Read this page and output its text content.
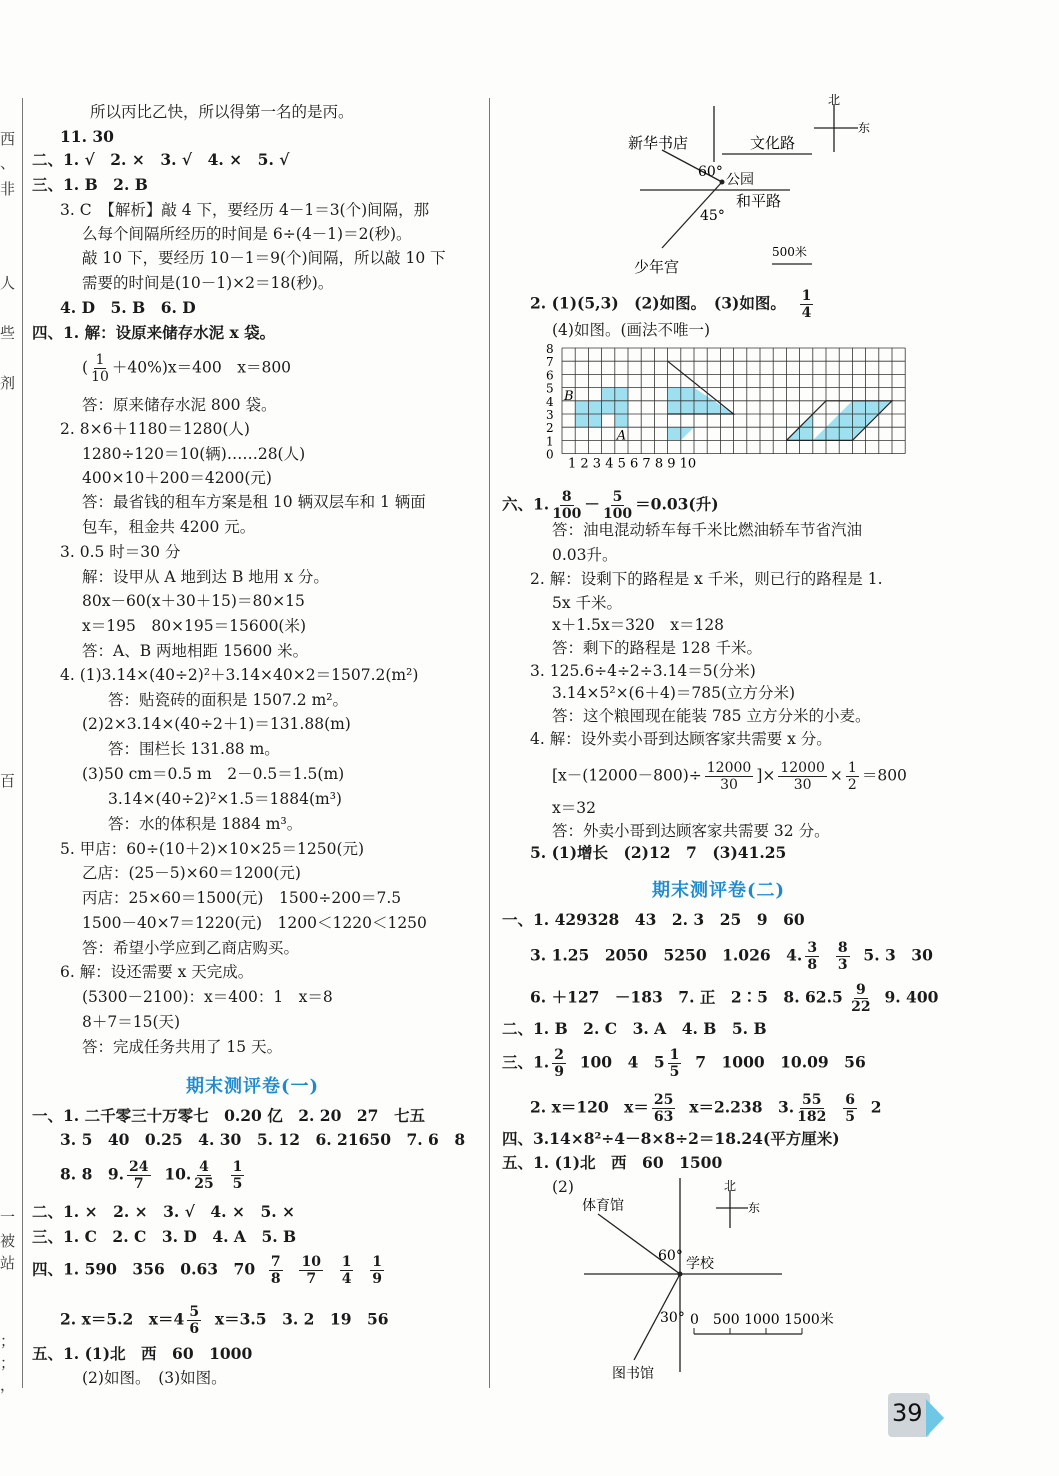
西
、
非
人
些
剂
百
一
被
站
；
；
，
所以丙比乙快，所以得第一名的是丙。
11. 30
二、1. √　2. ×　3. √　4. ×　5. √
三、1. B　2. B
3. C　【解析】敲 4 下，要经历 4－1＝3(个)间隔，那
么每个间隔所经历的时间是 6÷(4－1)＝2(秒)。
敲 10 下，要经历 10－1＝9(个)间隔，所以敲 10 下
需要的时间是(10－1)×2＝18(秒)。
4. D　5. B　6. D
四、1. 解：设原来储存水泥 x 袋。
( $\frac{1}{10} +40\%)x=400$　x＝800
答：原来储存水泥 800 袋。
2. 8×6＋1180＝1280(人)
1280÷120＝10(辆)……28(人)
400×10＋200＝4200(元)
答：最省钱的租车方案是租 10 辆双层车和 1 辆面
包车，租金共 4200 元。
3. 0.5 时＝30 分
解：设甲从 A 地到达 B 地用 x 分。
80x－60(x＋30＋15)＝80×15
x＝195　80×195＝15600(米)
答：A、B 两地相距 15600 米。
4. (1)3.14×(40÷2)²＋3.14×40×2＝1507.2(m²)
答：贴瓷砖的面积是 1507.2 m²。
(2)2×3.14×(40÷2＋1)＝131.88(m)
答：围栏长 131.88 m。
(3)50 cm＝0.5 m　2－0.5＝1.5(m)
3.14×(40÷2)²×1.5＝1884(m³)
答：水的体积是 1884 m³。
5. 甲店：60÷(10＋2)×10×25＝1250(元)
乙店：(25－5)×60＝1200(元)
丙店：25×60＝1500(元)　1500÷200＝7.5
1500－40×7＝1220(元)　1200＜1220＜1250
答：希望小学应到乙商店购买。
6. 解：设还需要 x 天完成。
(5300－2100)：x＝400：1　x＝8
8＋7＝15(天)
答：完成任务共用了 15 天。
期末测评卷(一)
一、1. 二千零三十万零七　0.20 亿　2. 20　27　七五
3. 5　40　0.25　4. 30　5. 12　6. 21650　7. 6　8
8. 8　9. $\frac{24}{7} 10$. $\frac{4}{25}$
$\frac{1}{5}$
二、1. ×　2. ×　3. √　4. ×　5. ×
三、1. C　2. C　3. D　4. A　5. B
四、1. 590　356　0.63　$70 \frac{7}{8}$
$\frac{10}{7}$
$\frac{1}{4}$
$\frac{1}{9}$
2. x＝5.2　$x=4 \frac{5}{6} x=3.5$　3. 2　19　56
五、1. (1)北　西　60　1000
(2)如图。　(3)如图。
北
东
新华书店	文化路
60° 公园
和平路
45°
500米
少年宫
2. (1)(5,3)　(2)如图。　(3)如图。 $\frac{1}{4}$
(4)如图。(画法不唯一)
8
7
6
5
4
3
2
1
0
1 2 3 4 5 6 7 8 9 10
B
A
六、1. $\frac{8}{100} - \frac{5}{100} =0.03$(升)
答：油电混动轿车每千米比燃油轿车节省汽油
0.03升。
2. 解：设剩下的路程是 x 千米，则已行的路程是 1.
5x 千米。
x＋1.5x＝320　x＝128
答：剩下的路程是 128 千米。
3. 125.6÷4÷2÷3.14＝5(分米)
3.14×5²×(6＋4)＝785(立方分米)
答：这个粮囤现在能装 785 立方分米的小麦。
4. 解：设外卖小哥到达顾客家共需要 x 分。
[$x-(12000-800)\div \frac{12000}{30}$ ]× $\frac{12000}{30} \times \frac{1}{2} =800$
x＝32
答：外卖小哥到达顾客家共需要 32 分。
5. (1)增长　(2)12　7　(3)41.25
期末测评卷(二)
一、1. 429328　43　2. 3　25　9　60
3. 1.25　2050　5250　1.026　4. $\frac{3}{8}$
$\frac{8}{3} 5$. 3　30
6. ＋127　－183　7. 正　2∶5　8. $62.5 \frac{9}{22} 9$. 400
二、1. B　2. C　3. A　4. B　5. B
三、1. $\frac{2}{9} 100$　4　$5 \frac{1}{5} 7$　1000　10.09　56
2. x＝120　$x= \frac{25}{63} x=2.238$　3. $\frac{55}{182}$
$\frac{6}{5} 2$
四、3.14×8²÷4－8×8÷2＝18.24(平方厘米)
五、1. (1)北　西　60　1500
(2)	北
东
体育馆
60° 学校
30° 0　500 1000 1500米
图书馆
39
